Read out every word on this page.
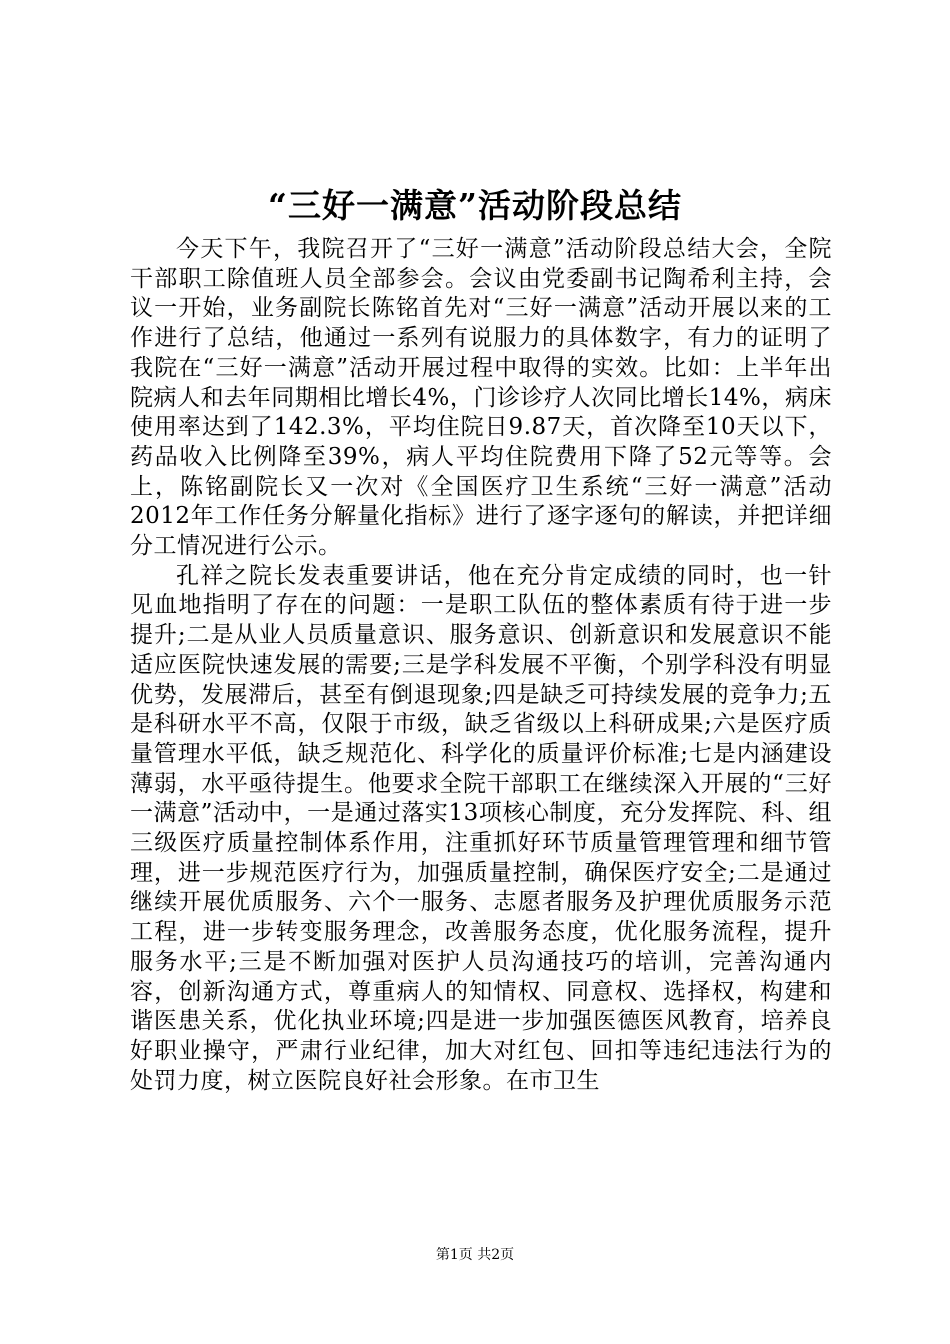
“三好一满意”活动阶段总结

今天下午，我院召开了“三好一满意”活动阶段总结大会，全院干部职工除值班人员全部参会。会议由党委副书记陶希利主持，会议一开始，业务副院长陈铭首先对“三好一满意”活动开展以来的工作进行了总结，他通过一系列有说服力的具体数字，有力的证明了我院在“三好一满意”活动开展过程中取得的实效。比如：上半年出院病人和去年同期相比增长4%，门诊诊疗人次同比增长14%，病床使用率达到了142.3%，平均住院日9.87天，首次降至10天以下，药品收入比例降至39%，病人平均住院费用下降了52元等等。会上，陈铭副院长又一次对《全国医疗卫生系统“三好一满意”活动2012年工作任务分解量化指标》进行了逐字逐句的解读，并把详细分工情况进行公示。

孔祥之院长发表重要讲话，他在充分肯定成绩的同时，也一针见血地指明了存在的问题：一是职工队伍的整体素质有待于进一步提升;二是从业人员质量意识、服务意识、创新意识和发展意识不能适应医院快速发展的需要;三是学科发展不平衡，个别学科没有明显优势，发展滞后，甚至有倒退现象;四是缺乏可持续发展的竞争力;五是科研水平不高，仅限于市级，缺乏省级以上科研成果;六是医疗质量管理水平低，缺乏规范化、科学化的质量评价标准;七是内涵建设薄弱，水平亟待提生。他要求全院干部职工在继续深入开展的“三好一满意”活动中，一是通过落实13项核心制度，充分发挥院、科、组三级医疗质量控制体系作用，注重抓好环节质量管理管理和细节管理，进一步规范医疗行为，加强质量控制，确保医疗安全;二是通过继续开展优质服务、六个一服务、志愿者服务及护理优质服务示范工程，进一步转变服务理念，改善服务态度，优化服务流程，提升服务水平;三是不断加强对医护人员沟通技巧的培训，完善沟通内容，创新沟通方式，尊重病人的知情权、同意权、选择权，构建和谐医患关系，优化执业环境;四是进一步加强医德医风教育，培养良好职业操守，严肃行业纪律，加大对红包、回扣等违纪违法行为的处罚力度，树立医院良好社会形象。在市卫生

第1页 共2页
